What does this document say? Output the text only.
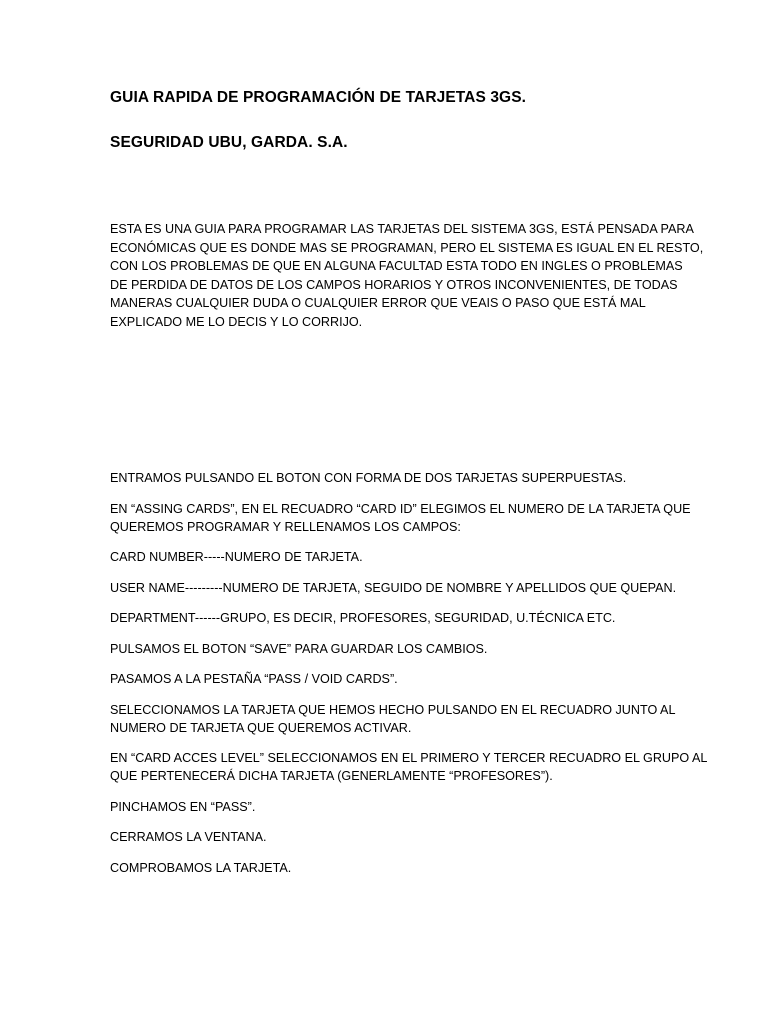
GUIA RAPIDA DE PROGRAMACIÓN DE TARJETAS 3GS.
SEGURIDAD UBU, GARDA. S.A.
ESTA ES UNA GUIA PARA PROGRAMAR LAS TARJETAS DEL SISTEMA 3GS, ESTÁ PENSADA PARA
ECONÓMICAS QUE ES DONDE MAS SE PROGRAMAN, PERO EL SISTEMA ES IGUAL EN EL RESTO,
CON LOS PROBLEMAS DE QUE EN ALGUNA FACULTAD ESTA TODO EN INGLES O PROBLEMAS
DE PERDIDA DE DATOS DE LOS CAMPOS HORARIOS Y OTROS INCONVENIENTES, DE TODAS
MANERAS CUALQUIER DUDA O CUALQUIER ERROR QUE VEAIS O PASO QUE ESTÁ MAL
EXPLICADO ME LO DECIS Y LO CORRIJO.

ENTRAMOS PULSANDO EL BOTON CON FORMA DE DOS TARJETAS SUPERPUESTAS.

EN “ASSING CARDS”, EN EL RECUADRO “CARD ID” ELEGIMOS EL NUMERO DE LA TARJETA QUE
QUEREMOS PROGRAMAR Y RELLENAMOS LOS CAMPOS:

CARD NUMBER-----NUMERO DE TARJETA.

USER NAME---------NUMERO DE TARJETA, SEGUIDO DE NOMBRE Y APELLIDOS QUE QUEPAN.

DEPARTMENT------GRUPO, ES DECIR, PROFESORES, SEGURIDAD, U.TÉCNICA ETC.

PULSAMOS EL BOTON “SAVE” PARA GUARDAR LOS CAMBIOS.

PASAMOS A LA PESTAÑA “PASS / VOID CARDS”.

SELECCIONAMOS LA TARJETA QUE HEMOS HECHO PULSANDO EN EL RECUADRO JUNTO AL
NUMERO DE TARJETA QUE QUEREMOS ACTIVAR.

EN “CARD ACCES LEVEL” SELECCIONAMOS EN EL PRIMERO Y TERCER RECUADRO EL GRUPO AL
QUE PERTENECERÁ DICHA TARJETA (GENERLAMENTE “PROFESORES”).

PINCHAMOS EN “PASS”.

CERRAMOS LA VENTANA.

COMPROBAMOS LA TARJETA.
